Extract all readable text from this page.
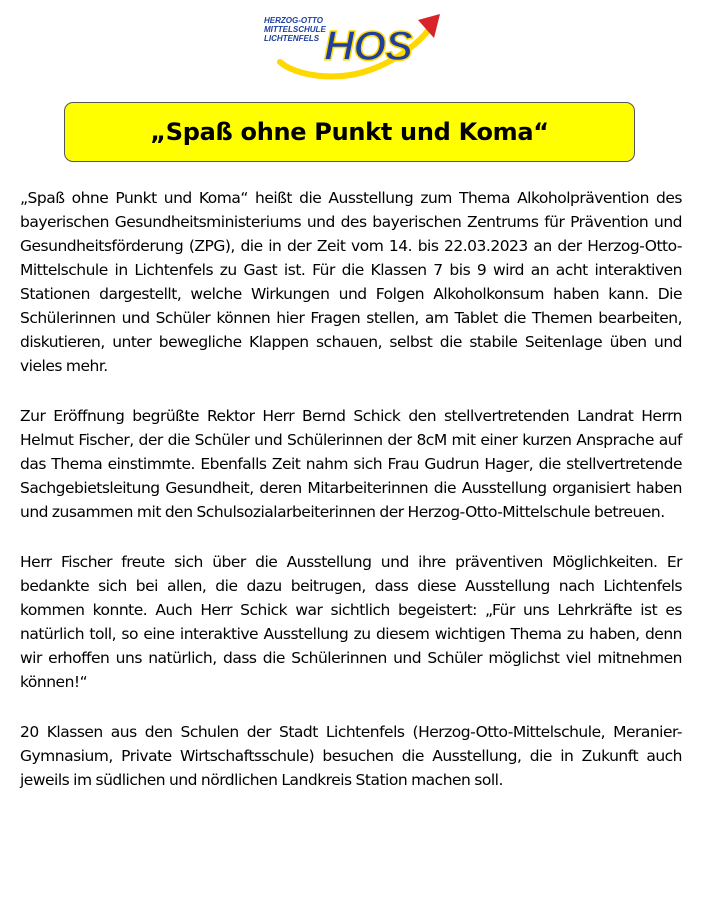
HERZOG-OTTO
MITTELSCHULE
LICHTENFELS HOS
„Spaß ohne Punkt und Koma“

„Spaß ohne Punkt und Koma“ heißt die Ausstellung zum Thema Alkoholprävention des bayerischen Gesundheitsministeriums und des bayerischen Zentrums für Prävention und Gesundheitsförderung (ZPG), die in der Zeit vom 14. bis 22.03.2023 an der Herzog-Otto-Mittelschule in Lichtenfels zu Gast ist. Für die Klassen 7 bis 9 wird an acht interaktiven Stationen dargestellt, welche Wirkungen und Folgen Alkoholkonsum haben kann. Die Schülerinnen und Schüler können hier Fragen stellen, am Tablet die Themen bearbeiten, diskutieren, unter bewegliche Klappen schauen, selbst die stabile Seitenlage üben und vieles mehr.

Zur Eröffnung begrüßte Rektor Herr Bernd Schick den stellvertretenden Landrat Herrn Helmut Fischer, der die Schüler und Schülerinnen der 8cM mit einer kurzen Ansprache auf das Thema einstimmte. Ebenfalls Zeit nahm sich Frau Gudrun Hager, die stellvertretende Sachgebietsleitung Gesundheit, deren Mitarbeiterinnen die Ausstellung organisiert haben und zusammen mit den Schulsozialarbeiterinnen der Herzog-Otto-Mittelschule betreuen.

Herr Fischer freute sich über die Ausstellung und ihre präventiven Möglichkeiten. Er bedankte sich bei allen, die dazu beitrugen, dass diese Ausstellung nach Lichtenfels kommen konnte. Auch Herr Schick war sichtlich begeistert: „Für uns Lehrkräfte ist es natürlich toll, so eine interaktive Ausstellung zu diesem wichtigen Thema zu haben, denn wir erhoffen uns natürlich, dass die Schülerinnen und Schüler möglichst viel mitnehmen können!“

20 Klassen aus den Schulen der Stadt Lichtenfels (Herzog-Otto-Mittelschule, Meranier-Gymnasium, Private Wirtschaftsschule) besuchen die Ausstellung, die in Zukunft auch jeweils im südlichen und nördlichen Landkreis Station machen soll.
